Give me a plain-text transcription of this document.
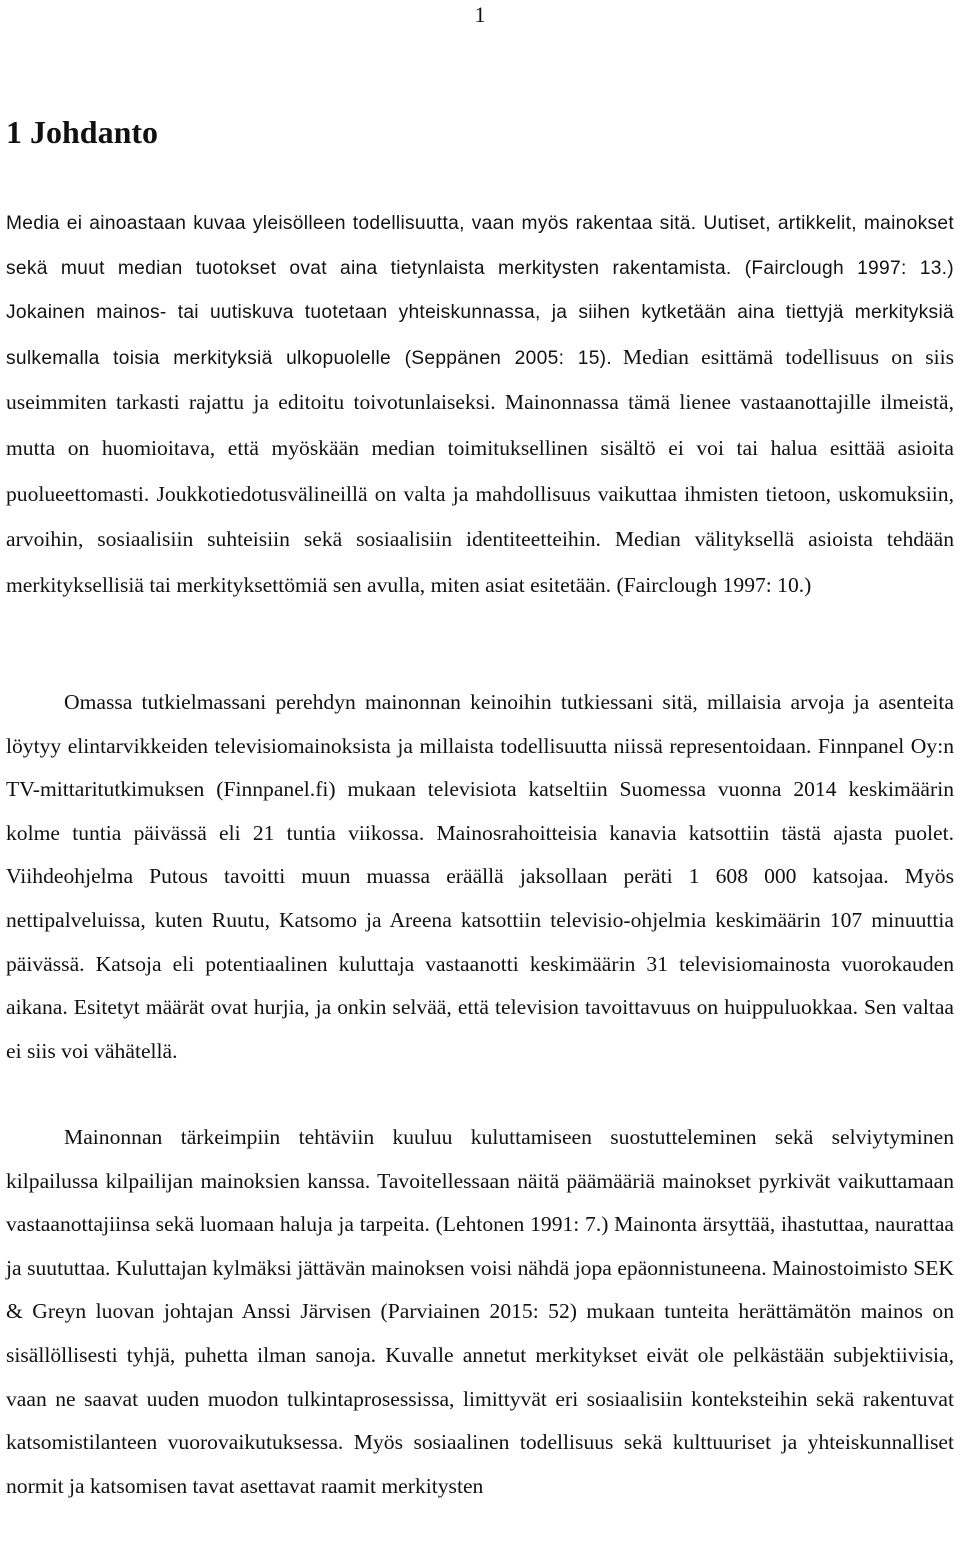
1
1 Johdanto

Media ei ainoastaan kuvaa yleisölleen todellisuutta, vaan myös rakentaa sitä. Uutiset, artikkelit, mainokset sekä muut median tuotokset ovat aina tietynlaista merkitysten rakentamista. (Fairclough 1997: 13.) Jokainen mainos- tai uutiskuva tuotetaan yhteiskunnassa, ja siihen kytketään aina tiettyjä merkityksiä sulkemalla toisia merkityksiä ulkopuolelle (Seppänen 2005: 15). Median esittämä todellisuus on siis useimmiten tarkasti rajattu ja editoitu toivotunlaiseksi. Mainonnassa tämä lienee vastaanottajille ilmeistä, mutta on huomioitava, että myöskään median toimituksellinen sisältö ei voi tai halua esittää asioita puolueettomasti. Joukkotiedotusvälineillä on valta ja mahdollisuus vaikuttaa ihmisten tietoon, uskomuksiin, arvoihin, sosiaalisiin suhteisiin sekä sosiaalisiin identiteetteihin. Median välityksellä asioista tehdään merkityksellisiä tai merkityksettömiä sen avulla, miten asiat esitetään. (Fairclough 1997: 10.)

Omassa tutkielmassani perehdyn mainonnan keinoihin tutkiessani sitä, millaisia arvoja ja asenteita löytyy elintarvikkeiden televisiomainoksista ja millaista todellisuutta niissä representoidaan. Finnpanel Oy:n TV-mittaritutkimuksen (Finnpanel.fi) mukaan televisiota katseltiin Suomessa vuonna 2014 keskimäärin kolme tuntia päivässä eli 21 tuntia viikossa. Mainosrahoitteisia kanavia katsottiin tästä ajasta puolet. Viihdeohjelma Putous tavoitti muun muassa eräällä jaksollaan peräti 1 608 000 katsojaa. Myös nettipalveluissa, kuten Ruutu, Katsomo ja Areena katsottiin televisio-ohjelmia keskimäärin 107 minuuttia päivässä. Katsoja eli potentiaalinen kuluttaja vastaanotti keskimäärin 31 televisiomainosta vuorokauden aikana. Esitetyt määrät ovat hurjia, ja onkin selvää, että television tavoittavuus on huippuluokkaa. Sen valtaa ei siis voi vähätellä.

Mainonnan tärkeimpiin tehtäviin kuuluu kuluttamiseen suostutteleminen sekä selviytyminen kilpailussa kilpailijan mainoksien kanssa. Tavoitellessaan näitä päämääriä mainokset pyrkivät vaikuttamaan vastaanottajiinsa sekä luomaan haluja ja tarpeita. (Lehtonen 1991: 7.) Mainonta ärsyttää, ihastuttaa, naurattaa ja suututtaa. Kuluttajan kylmäksi jättävän mainoksen voisi nähdä jopa epäonnistuneena. Mainostoimisto SEK & Greyn luovan johtajan Anssi Järvisen (Parviainen 2015: 52) mukaan tunteita herättämätön mainos on sisällöllisesti tyhjä, puhetta ilman sanoja. Kuvalle annetut merkitykset eivät ole pelkästään subjektiivisia, vaan ne saavat uuden muodon tulkintaprosessissa, limittyvät eri sosiaalisiin konteksteihin sekä rakentuvat katsomistilanteen vuorovaikutuksessa. Myös sosiaalinen todellisuus sekä kulttuuriset ja yhteiskunnalliset normit ja katsomisen tavat asettavat raamit merkitysten
